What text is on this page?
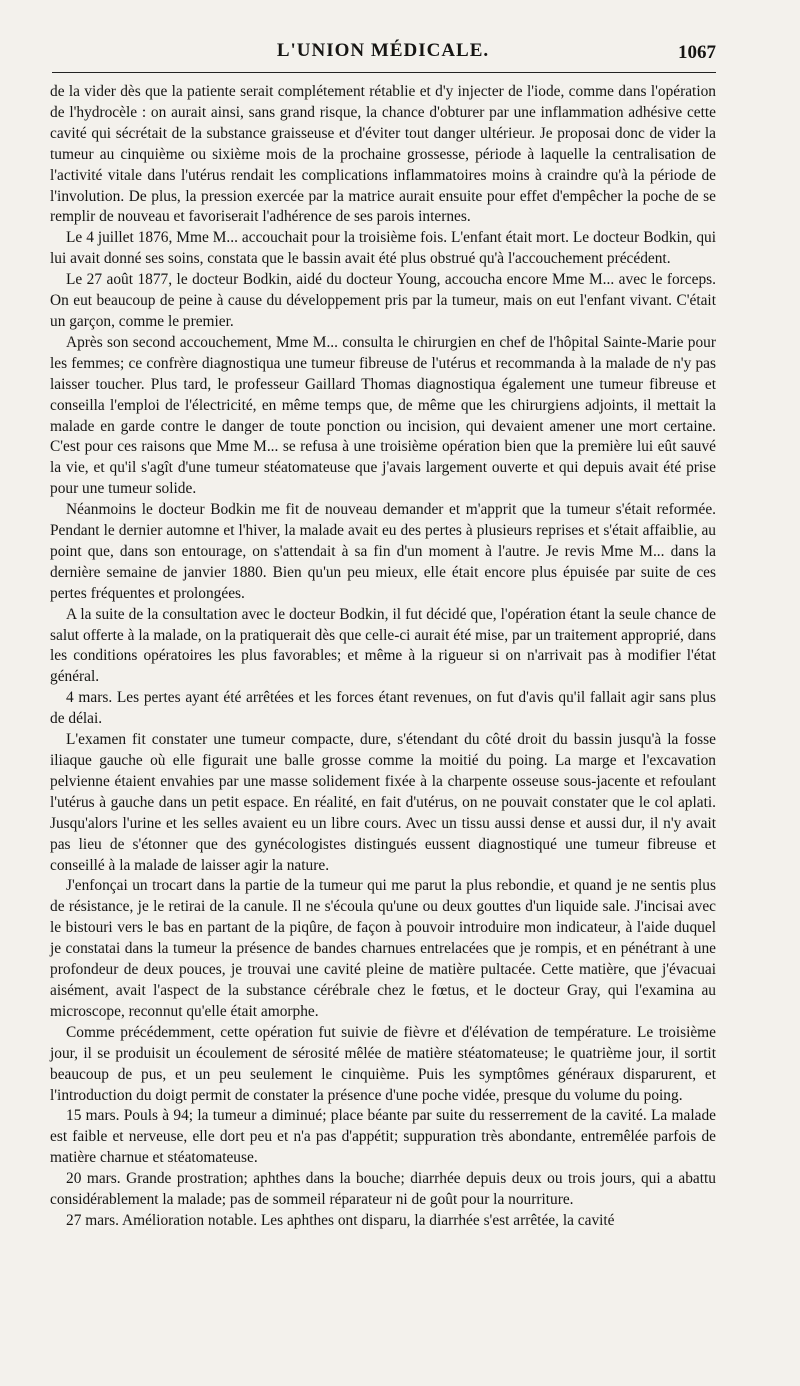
L'UNION MÉDICALE.	1067

de la vider dès que la patiente serait complétement rétablie et d'y injecter de l'iode, comme dans l'opération de l'hydrocèle : on aurait ainsi, sans grand risque, la chance d'obturer par une inflammation adhésive cette cavité qui sécrétait de la substance graisseuse et d'éviter tout danger ultérieur. Je proposai donc de vider la tumeur au cinquième ou sixième mois de la prochaine grossesse, période à laquelle la centralisation de l'activité vitale dans l'utérus rendait les complications inflammatoires moins à craindre qu'à la période de l'involution. De plus, la pression exercée par la matrice aurait ensuite pour effet d'empêcher la poche de se remplir de nouveau et favoriserait l'adhérence de ses parois internes.

Le 4 juillet 1876, Mme M... accouchait pour la troisième fois. L'enfant était mort. Le docteur Bodkin, qui lui avait donné ses soins, constata que le bassin avait été plus obstrué qu'à l'accouchement précédent.

Le 27 août 1877, le docteur Bodkin, aidé du docteur Young, accoucha encore Mme M... avec le forceps. On eut beaucoup de peine à cause du développement pris par la tumeur, mais on eut l'enfant vivant. C'était un garçon, comme le premier.

Après son second accouchement, Mme M... consulta le chirurgien en chef de l'hôpital Sainte-Marie pour les femmes; ce confrère diagnostiqua une tumeur fibreuse de l'utérus et recommanda à la malade de n'y pas laisser toucher. Plus tard, le professeur Gaillard Thomas diagnostiqua également une tumeur fibreuse et conseilla l'emploi de l'électricité, en même temps que, de même que les chirurgiens adjoints, il mettait la malade en garde contre le danger de toute ponction ou incision, qui devaient amener une mort certaine. C'est pour ces raisons que Mme M... se refusa à une troisième opération bien que la première lui eût sauvé la vie, et qu'il s'agît d'une tumeur stéatomateuse que j'avais largement ouverte et qui depuis avait été prise pour une tumeur solide.

Néanmoins le docteur Bodkin me fit de nouveau demander et m'apprit que la tumeur s'était reformée. Pendant le dernier automne et l'hiver, la malade avait eu des pertes à plusieurs reprises et s'était affaiblie, au point que, dans son entourage, on s'attendait à sa fin d'un moment à l'autre. Je revis Mme M... dans la dernière semaine de janvier 1880. Bien qu'un peu mieux, elle était encore plus épuisée par suite de ces pertes fréquentes et prolongées.

A la suite de la consultation avec le docteur Bodkin, il fut décidé que, l'opération étant la seule chance de salut offerte à la malade, on la pratiquerait dès que celle-ci aurait été mise, par un traitement approprié, dans les conditions opératoires les plus favorables; et même à la rigueur si on n'arrivait pas à modifier l'état général.

4 mars. Les pertes ayant été arrêtées et les forces étant revenues, on fut d'avis qu'il fallait agir sans plus de délai.

L'examen fit constater une tumeur compacte, dure, s'étendant du côté droit du bassin jusqu'à la fosse iliaque gauche où elle figurait une balle grosse comme la moitié du poing. La marge et l'excavation pelvienne étaient envahies par une masse solidement fixée à la charpente osseuse sous-jacente et refoulant l'utérus à gauche dans un petit espace. En réalité, en fait d'utérus, on ne pouvait constater que le col aplati. Jusqu'alors l'urine et les selles avaient eu un libre cours. Avec un tissu aussi dense et aussi dur, il n'y avait pas lieu de s'étonner que des gynécologistes distingués eussent diagnostiqué une tumeur fibreuse et conseillé à la malade de laisser agir la nature.

J'enfonçai un trocart dans la partie de la tumeur qui me parut la plus rebondie, et quand je ne sentis plus de résistance, je le retirai de la canule. Il ne s'écoula qu'une ou deux gouttes d'un liquide sale. J'incisai avec le bistouri vers le bas en partant de la piqûre, de façon à pouvoir introduire mon indicateur, à l'aide duquel je constatai dans la tumeur la présence de bandes charnues entrelacées que je rompis, et en pénétrant à une profondeur de deux pouces, je trouvai une cavité pleine de matière pultacée. Cette matière, que j'évacuai aisément, avait l'aspect de la substance cérébrale chez le fœtus, et le docteur Gray, qui l'examina au microscope, reconnut qu'elle était amorphe.

Comme précédemment, cette opération fut suivie de fièvre et d'élévation de température. Le troisième jour, il se produisit un écoulement de sérosité mêlée de matière stéatomateuse; le quatrième jour, il sortit beaucoup de pus, et un peu seulement le cinquième. Puis les symptômes généraux disparurent, et l'introduction du doigt permit de constater la présence d'une poche vidée, presque du volume du poing.

15 mars. Pouls à 94; la tumeur a diminué; place béante par suite du resserrement de la cavité. La malade est faible et nerveuse, elle dort peu et n'a pas d'appétit; suppuration très abondante, entremêlée parfois de matière charnue et stéatomateuse.

20 mars. Grande prostration; aphthes dans la bouche; diarrhée depuis deux ou trois jours, qui a abattu considérablement la malade; pas de sommeil réparateur ni de goût pour la nourriture.

27 mars. Amélioration notable. Les aphthes ont disparu, la diarrhée s'est arrêtée, la cavité
